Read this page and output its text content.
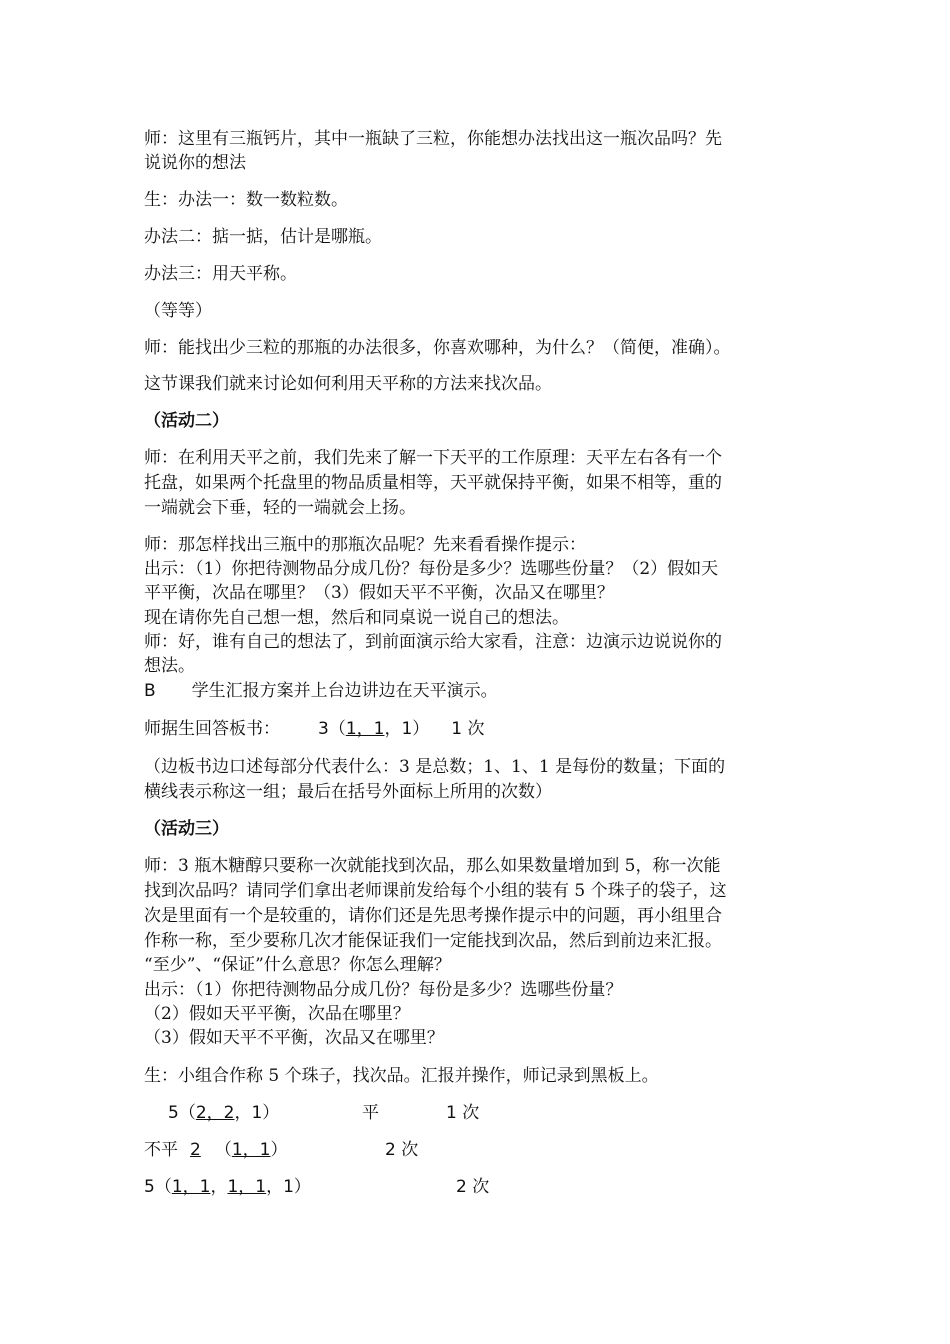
师：这里有三瓶钙片，其中一瓶缺了三粒，你能想办法找出这一瓶次品吗？先
说说你的想法
生：办法一：数一数粒数。
办法二：掂一掂，估计是哪瓶。
办法三：用天平称。
（等等）
师：能找出少三粒的那瓶的办法很多，你喜欢哪种，为什么？（简便，准确）。
这节课我们就来讨论如何利用天平称的方法来找次品。
（活动二）
师：在利用天平之前，我们先来了解一下天平的工作原理：天平左右各有一个
托盘，如果两个托盘里的物品质量相等，天平就保持平衡，如果不相等，重的
一端就会下垂，轻的一端就会上扬。
师：那怎样找出三瓶中的那瓶次品呢？先来看看操作提示：
出示：（1）你把待测物品分成几份？每份是多少？选哪些份量？（2）假如天
平平衡，次品在哪里？（3）假如天平不平衡，次品又在哪里？
现在请你先自己想一想，然后和同桌说一说自己的想法。
师：好，谁有自己的想法了，到前面演示给大家看，注意：边演示边说说你的
想法。
B 学生汇报方案并上台边讲边在天平演示。
师据生回答板书： 3（1，1，1） 1 次
（边板书边口述每部分代表什么：3 是总数；1、1、1 是每份的数量；下面的
横线表示称这一组；最后在括号外面标上所用的次数）
（活动三）
师：3 瓶木糖醇只要称一次就能找到次品，那么如果数量增加到 5，称一次能
找到次品吗？请同学们拿出老师课前发给每个小组的装有 5 个珠子的袋子，这
次是里面有一个是较重的，请你们还是先思考操作提示中的问题，再小组里合
作称一称，至少要称几次才能保证我们一定能找到次品，然后到前边来汇报。
“至少”、“保证”什么意思？你怎么理解？
出示：（1）你把待测物品分成几份？每份是多少？选哪些份量？
（2）假如天平平衡，次品在哪里？
（3）假如天平不平衡，次品又在哪里？
生：小组合作称 5 个珠子，找次品。汇报并操作，师记录到黑板上。
5（2，2，1）	平	1 次
不平 2 （1，1）	2 次
5（1，1，1，1，1）	2 次
